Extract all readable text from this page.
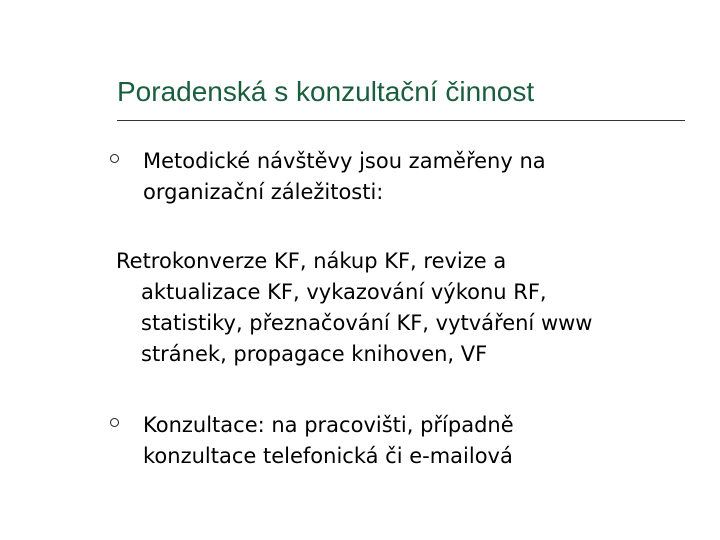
Poradenská s konzultační činnost
Metodické návštěvy jsou zaměřeny na
organizační záležitosti:
Retrokonverze KF, nákup KF, revize a
aktualizace KF, vykazování výkonu RF,
statistiky, přeznačování KF, vytváření www
stránek, propagace knihoven, VF
Konzultace: na pracovišti, případně
konzultace telefonická či e-mailová
